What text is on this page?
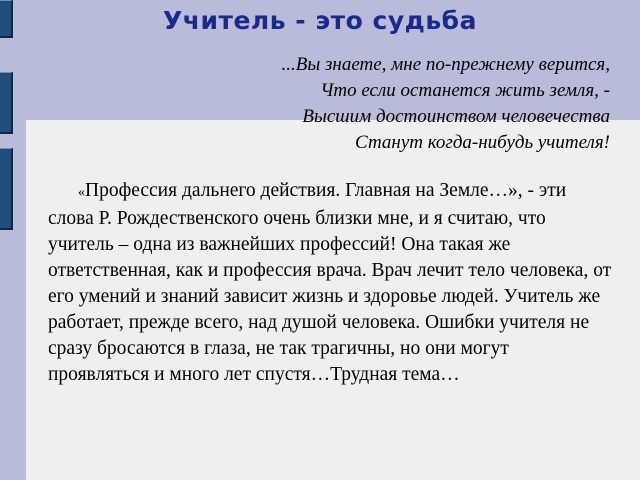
Учитель - это судьба
...Вы знаете, мне по-прежнему верится,
Что если останется жить земля, -
Высшим достоинством человечества
Станут когда-нибудь учителя!

«Профессия дальнего действия. Главная на Земле…», - эти слова Р. Рождественского очень близки мне, и я считаю, что учитель – одна из важнейших профессий! Она такая же ответственная, как и профессия врача. Врач лечит тело человека, от его умений и знаний зависит жизнь и здоровье людей. Учитель же работает, прежде всего, над душой человека. Ошибки учителя не сразу бросаются в глаза, не так трагичны, но они могут проявляться и много лет спустя…Трудная тема…
